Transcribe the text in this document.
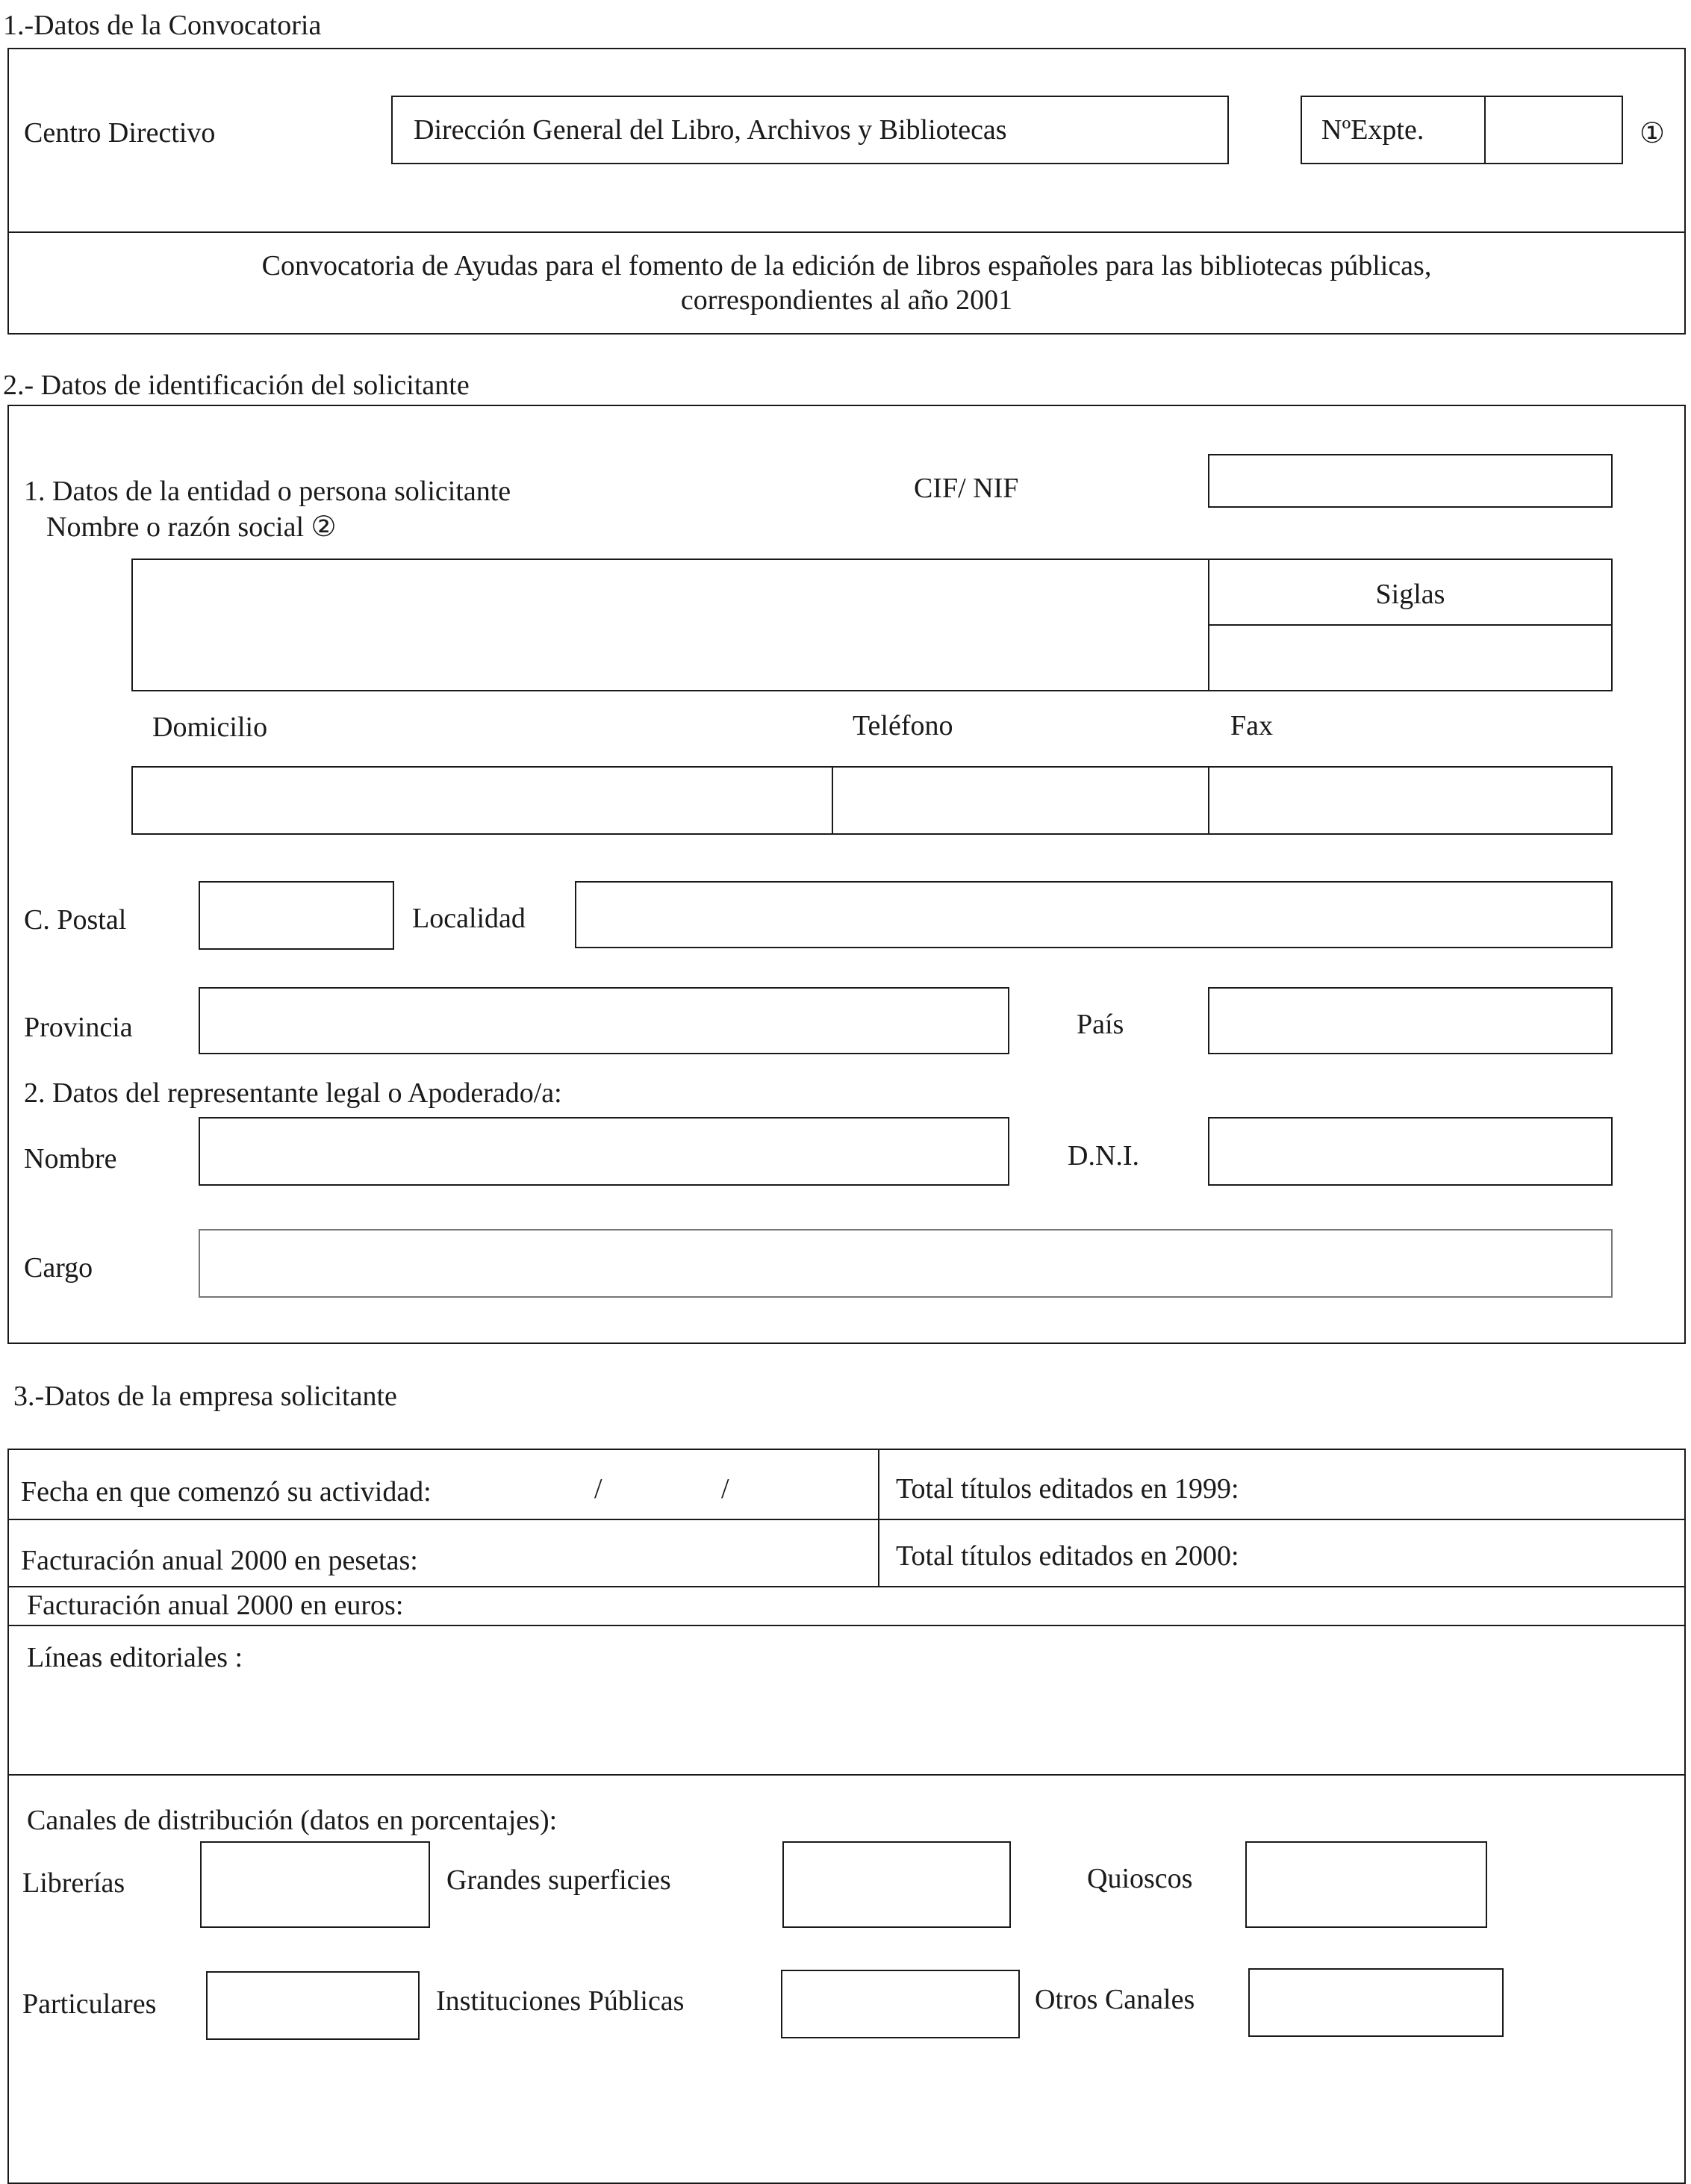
1.-Datos de la Convocatoria
Centro Directivo	Dirección General del Libro, Archivos y Bibliotecas	NºExpte.	①
Convocatoria de Ayudas para el fomento de la edición de libros españoles para las bibliotecas públicas,
correspondientes al año 2001
2.- Datos de identificación del solicitante
1. Datos de la entidad o persona solicitante	CIF/ NIF
Nombre o razón social ②
Siglas
Domicilio	Teléfono	Fax
C. Postal	Localidad
Provincia	País
2. Datos del representante legal o Apoderado/a:
Nombre	D.N.I.
Cargo
3.-Datos de la empresa solicitante
Fecha en que comenzó su actividad:	/	/	Total títulos editados en 1999:
Facturación anual 2000 en pesetas:	Total títulos editados en 2000:
Facturación anual 2000 en euros:
Líneas editoriales :
Canales de distribución (datos en porcentajes):
Librerías	Grandes superficies	Quioscos
Particulares	Instituciones Públicas	Otros Canales
